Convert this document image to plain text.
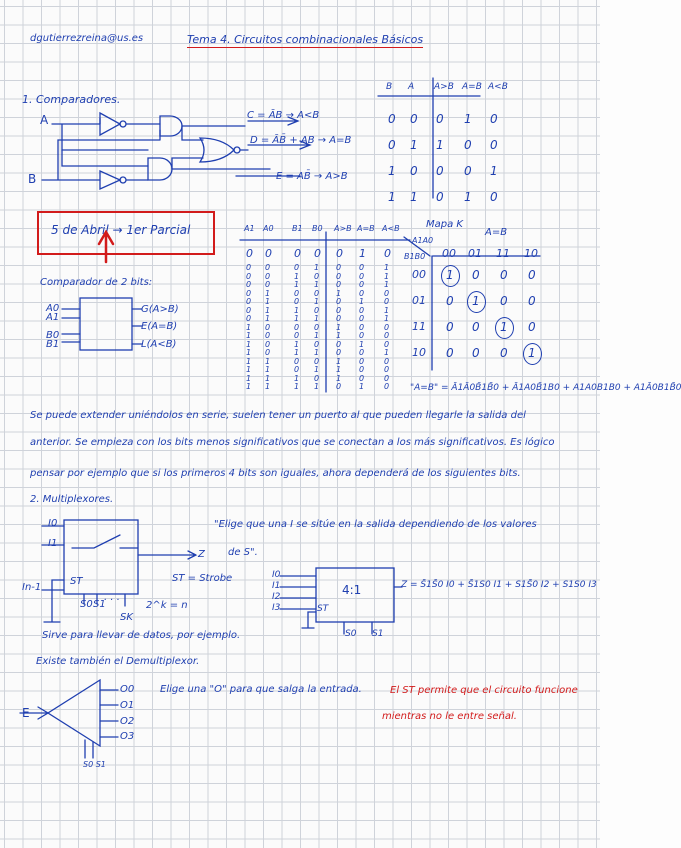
dgutierrezreina@us.es	Tema 4. Circuitos combinacionales Básicos
1. Comparadores.
A
B
C = ĀB → A<B
D = ĀB̄ + AB → A=B
E = AB̄ → A>B
B A A>B A=B A<B
0 0 0 1 0
0 1 1 0 0
1 0 0 0 1
1 1 0 1 0
5 de Abril → 1er Parcial
Comparador de 2 bits:
A0
A1
B0
B1
G(A>B)
E(A=B)
L(A<B)
A1 A0 B1 B0 A>B A=B A<B
0 0 0 0 0 1 0
0 0	0 1 0 0 1
0 0	1 0 0 0 1
0 0	1 1 0 0 1
0 1	0 0 1 0 0
0 1	0 1 0 1 0
0 1	1 0 0 0 1
0 1	1 1 0 0 1
1 0	0 0 1 0 0
1 0	0 1 1 0 0
1 0	1 0 0 1 0
1 0	1 1 0 0 1
1 1	0 0 1 0 0
1 1	0 1 1 0 0
1 1	1 0 1 0 0
1 1	1 1 0 1 0
Mapa K
A=B
A1A0
B1B0 00 01 11 10
00 1 0 0 0
01 0 1 0 0
11 0 0 1 0
10 0 0 0 1
"A=B" = Ā1Ā0B̄1B̄0 + Ā1A0B̄1B0 + A1A0B1B0 + A1Ā0B1B̄0
Se puede extender uniéndolos en serie, suelen tener un puerto al que pueden llegarle la salida del
anterior. Se empieza con los bits menos significativos que se conectan a los más significativos. Es lógico
pensar por ejemplo que si los primeros 4 bits son iguales, ahora dependerá de los siguientes bits.
2. Multiplexores.
I0
I1
In-1
ST
S0 S1
SK
. . .
2^k = n
Z
ST = Strobe
"Elige que una I se sitúe en la salida dependiendo de los valores
de S".
Sirve para llevar de datos, por ejemplo.
4:1
I0
I1
I2
I3	ST
S0 S1
Z = S̄1S̄0 I0 + S̄1S0 I1 + S1S̄0 I2 + S1S0 I3
Existe también el Demultiplexor.
E
O0
O1
O2
O3
S0 S1
Elige una "O" para que salga la entrada.	El ST permite que el circuito funcione
mientras no le entre señal.
